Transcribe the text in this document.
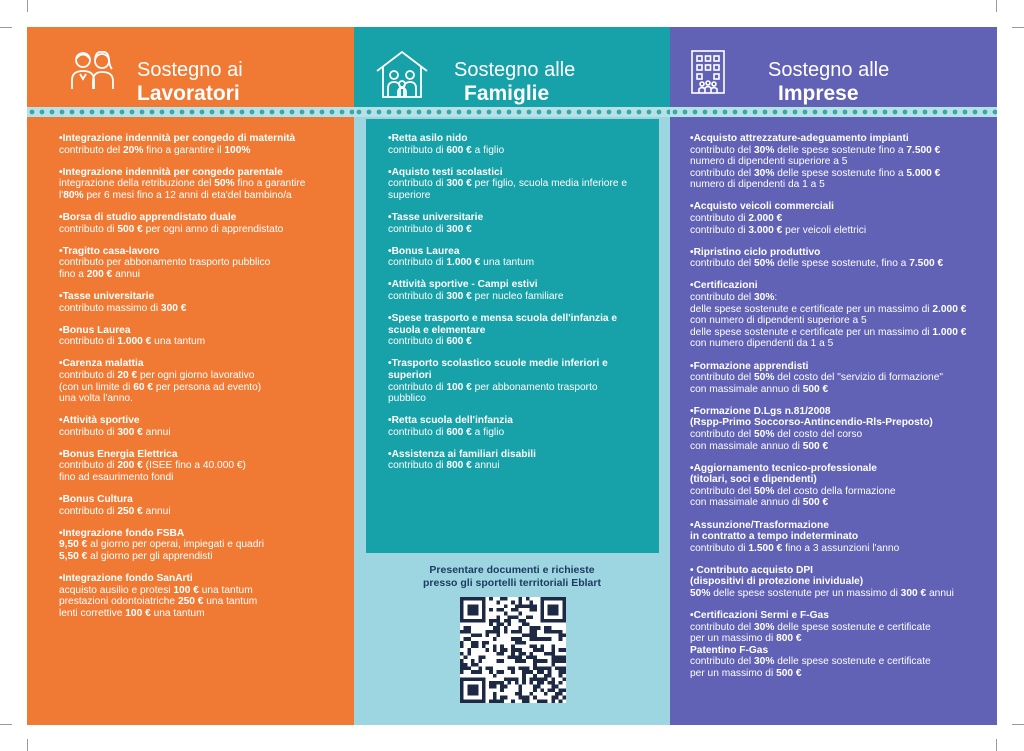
Sostegno ai
Lavoratori
•Integrazione indennità per congedo di maternità
contributo del 20% fino a garantire il 100%
•Integrazione indennità per congedo parentale
integrazione della retribuzione del 50% fino a garantire
l'80% per 6 mesi fino a 12 anni di eta'del bambino/a
•Borsa di studio apprendistato duale
contributo di 500 € per ogni anno di apprendistato
•Tragitto casa-lavoro
contributo per abbonamento trasporto pubblico
fino a 200 € annui
•Tasse universitarie
contributo massimo di 300 €
•Bonus Laurea
contributo di 1.000 € una tantum
•Carenza malattia
contributo di 20 € per ogni giorno lavorativo
(con un limite di 60 € per persona ad evento)
una volta l'anno.
•Attività sportive
contributo di 300 € annui
•Bonus Energia Elettrica
contributo di 200 € (ISEE fino a 40.000 €)
fino ad esaurimento fondi
•Bonus Cultura
contributo di 250 € annui
•Integrazione fondo FSBA
9,50 € al giorno per operai, impiegati e quadri
5,50 € al giorno per gli apprendisti
•Integrazione fondo SanArti
acquisto ausilio e protesi 100 € una tantum
prestazioni odontoiatriche 250 € una tantum
lenti correttive 100 € una tantum
Sostegno alle
Famiglie
•Retta asilo nido
contributo di 600 € a figlio
•Aquisto testi scolastici
contributo di 300 € per figlio, scuola media inferiore e
superiore
•Tasse universitarie
contributo di 300 €
•Bonus Laurea
contributo di 1.000 € una tantum
•Attività sportive - Campi estivi
contributo di 300 € per nucleo familiare
•Spese trasporto e mensa scuola dell'infanzia e
scuola e elementare
contributo di 600 €
•Trasporto scolastico scuole medie inferiori e
superiori
contributo di 100 € per abbonamento trasporto
pubblico
•Retta scuola dell'infanzia
contributo di 600 € a figlio
•Assistenza ai familiari disabili
contributo di 800 € annui
Presentare documenti e richieste
presso gli sportelli territoriali Eblart
Sostegno alle
Imprese
•Acquisto attrezzature-adeguamento impianti
contributo del 30% delle spese sostenute fino a 7.500 €
numero di dipendenti superiore a 5
contributo del 30% delle spese sostenute fino a 5.000 €
numero di dipendenti da 1 a 5
•Acquisto veicoli commerciali
contributo di 2.000 €
contributo di 3.000 € per veicoli elettrici
•Ripristino ciclo produttivo
contributo del 50% delle spese sostenute, fino a 7.500 €
•Certificazioni
contributo del 30%:
delle spese sostenute e certificate per un massimo di 2.000 €
con numero di dipendenti superiore a 5
delle spese sostenute e certificate per un massimo di 1.000 €
con numero dipendenti da 1 a 5
•Formazione apprendisti
contributo del 50% del costo del "servizio di formazione"
con massimale annuo di 500 €
•Formazione D.Lgs n.81/2008
(Rspp-Primo Soccorso-Antincendio-Rls-Preposto)
contributo del 50% del costo del corso
con massimale annuo di 500 €
•Aggiornamento tecnico-professionale
(titolari, soci e dipendenti)
contributo del 50% del costo della formazione
con massimale annuo di 500 €
•Assunzione/Trasformazione
in contratto a tempo indeterminato
contributo di 1.500 € fino a 3 assunzioni l'anno
• Contributo acquisto DPI
(dispositivi di protezione inividuale)
50% delle spese sostenute per un massimo di 300 € annui
•Certificazioni Sermi e F-Gas
contributo del 30% delle spese sostenute e certificate
per un massimo di 800 €
Patentino F-Gas
contributo del 30% delle spese sostenute e certificate
per un massimo di 500 €
